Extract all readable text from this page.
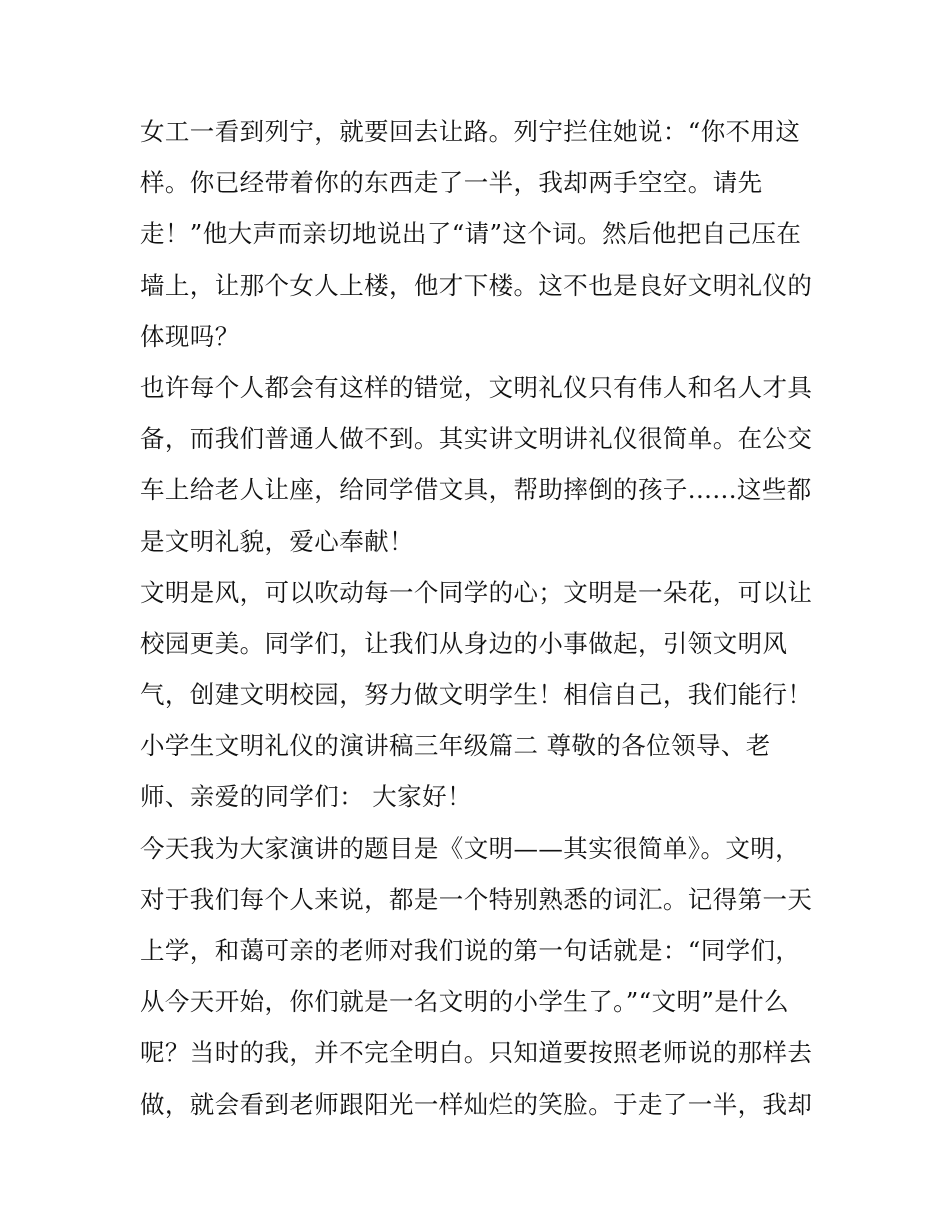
女工一看到列宁，就要回去让路。列宁拦住她说：“你不用这
样。你已经带着你的东西走了一半，我却两手空空。请先
走！”他大声而亲切地说出了“请”这个词。然后他把自己压在
墙上，让那个女人上楼，他才下楼。这不也是良好文明礼仪的
体现吗？
也许每个人都会有这样的错觉，文明礼仪只有伟人和名人才具
备，而我们普通人做不到。其实讲文明讲礼仪很简单。在公交
车上给老人让座，给同学借文具，帮助摔倒的孩子......这些都
是文明礼貌，爱心奉献！
文明是风，可以吹动每一个同学的心；文明是一朵花，可以让
校园更美。同学们，让我们从身边的小事做起，引领文明风
气，创建文明校园，努力做文明学生！相信自己，我们能行！
小学生文明礼仪的演讲稿三年级篇二 尊敬的各位领导、老
师、亲爱的同学们： 大家好！
今天我为大家演讲的题目是《文明——其实很简单》。文明，
对于我们每个人来说，都是一个特别熟悉的词汇。记得第一天
上学，和蔼可亲的老师对我们说的第一句话就是：“同学们，
从今天开始，你们就是一名文明的小学生了。”“文明”是什么
呢？当时的我，并不完全明白。只知道要按照老师说的那样去
做，就会看到老师跟阳光一样灿烂的笑脸。于走了一半，我却
